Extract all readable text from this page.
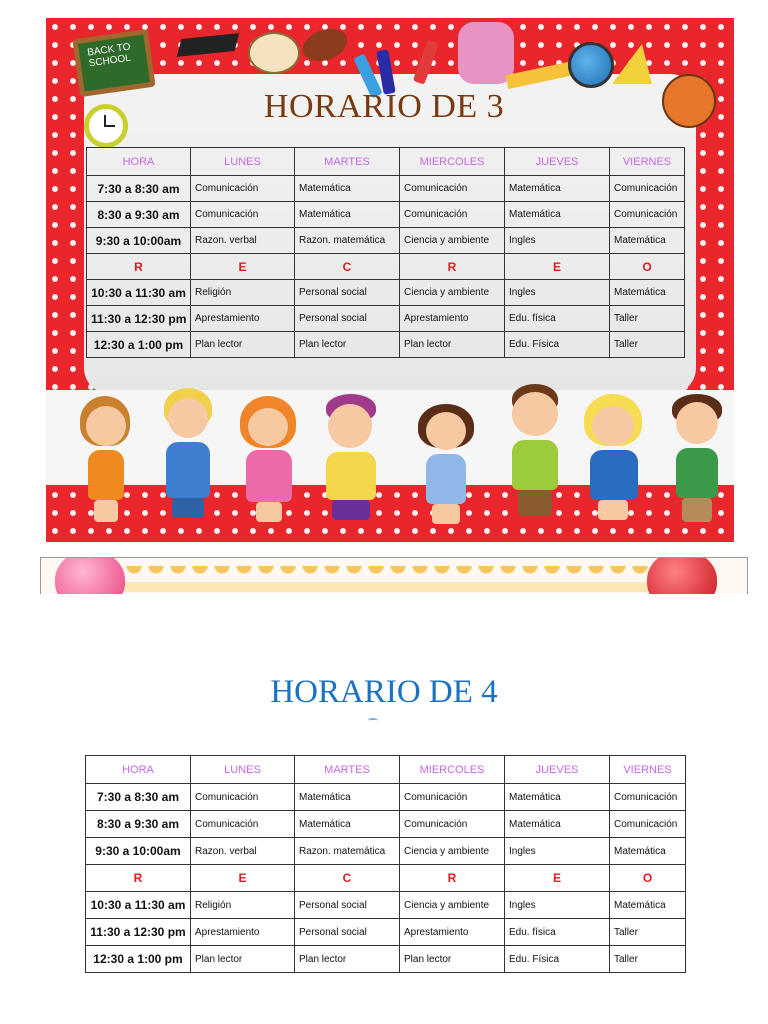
BACK TO SCHOOL
HORARIO DE 3
HORA	LUNES	MARTES	MIERCOLES	JUEVES	VIERNES
7:30 a 8:30 am	Comunicación	Matemática	Comunicación	Matemática	Comunicación
8:30 a 9:30 am	Comunicación	Matemática	Comunicación	Matemática	Comunicación
9:30 a 10:00am	Razon. verbal	Razon. matemática	Ciencia y ambiente	Ingles	Matemática
R	E	C	R	E	O
10:30 a 11:30 am	Religión	Personal social	Ciencia y ambiente	Ingles	Matemática
11:30 a 12:30 pm	Aprestamiento	Personal social	Aprestamiento	Edu. física	Taller
12:30 a 1:00 pm	Plan lector	Plan lector	Plan lector	Edu. Física	Taller
HORARIO DE 4
HORA	LUNES	MARTES	MIERCOLES	JUEVES	VIERNES
7:30 a 8:30 am	Comunicación	Matemática	Comunicación	Matemática	Comunicación
8:30 a 9:30 am	Comunicación	Matemática	Comunicación	Matemática	Comunicación
9:30 a 10:00am	Razon. verbal	Razon. matemática	Ciencia y ambiente	Ingles	Matemática
R	E	C	R	E	O
10:30 a 11:30 am	Religión	Personal social	Ciencia y ambiente	Ingles	Matemática
11:30 a 12:30 pm	Aprestamiento	Personal social	Aprestamiento	Edu. física	Taller
12:30 a 1:00 pm	Plan lector	Plan lector	Plan lector	Edu. Física	Taller
